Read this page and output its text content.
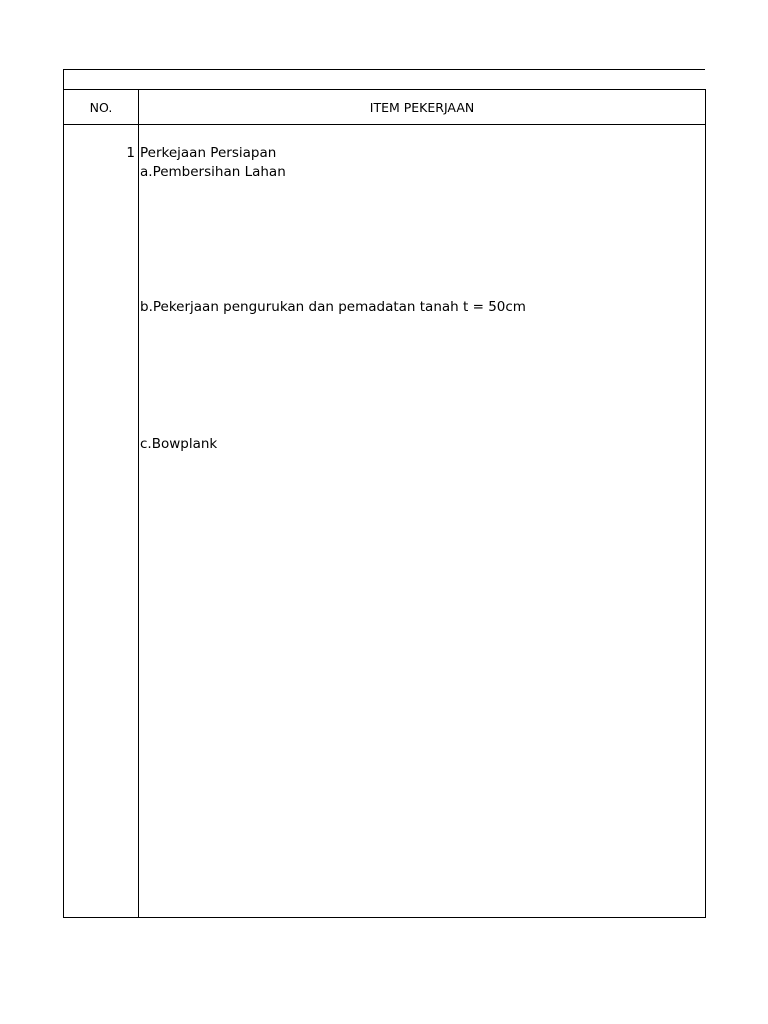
NO.	ITEM PEKERJAAN
1 Perkejaan Persiapan
a.Pembersihan Lahan
b.Pekerjaan pengurukan dan pemadatan tanah t = 50cm
c.Bowplank
